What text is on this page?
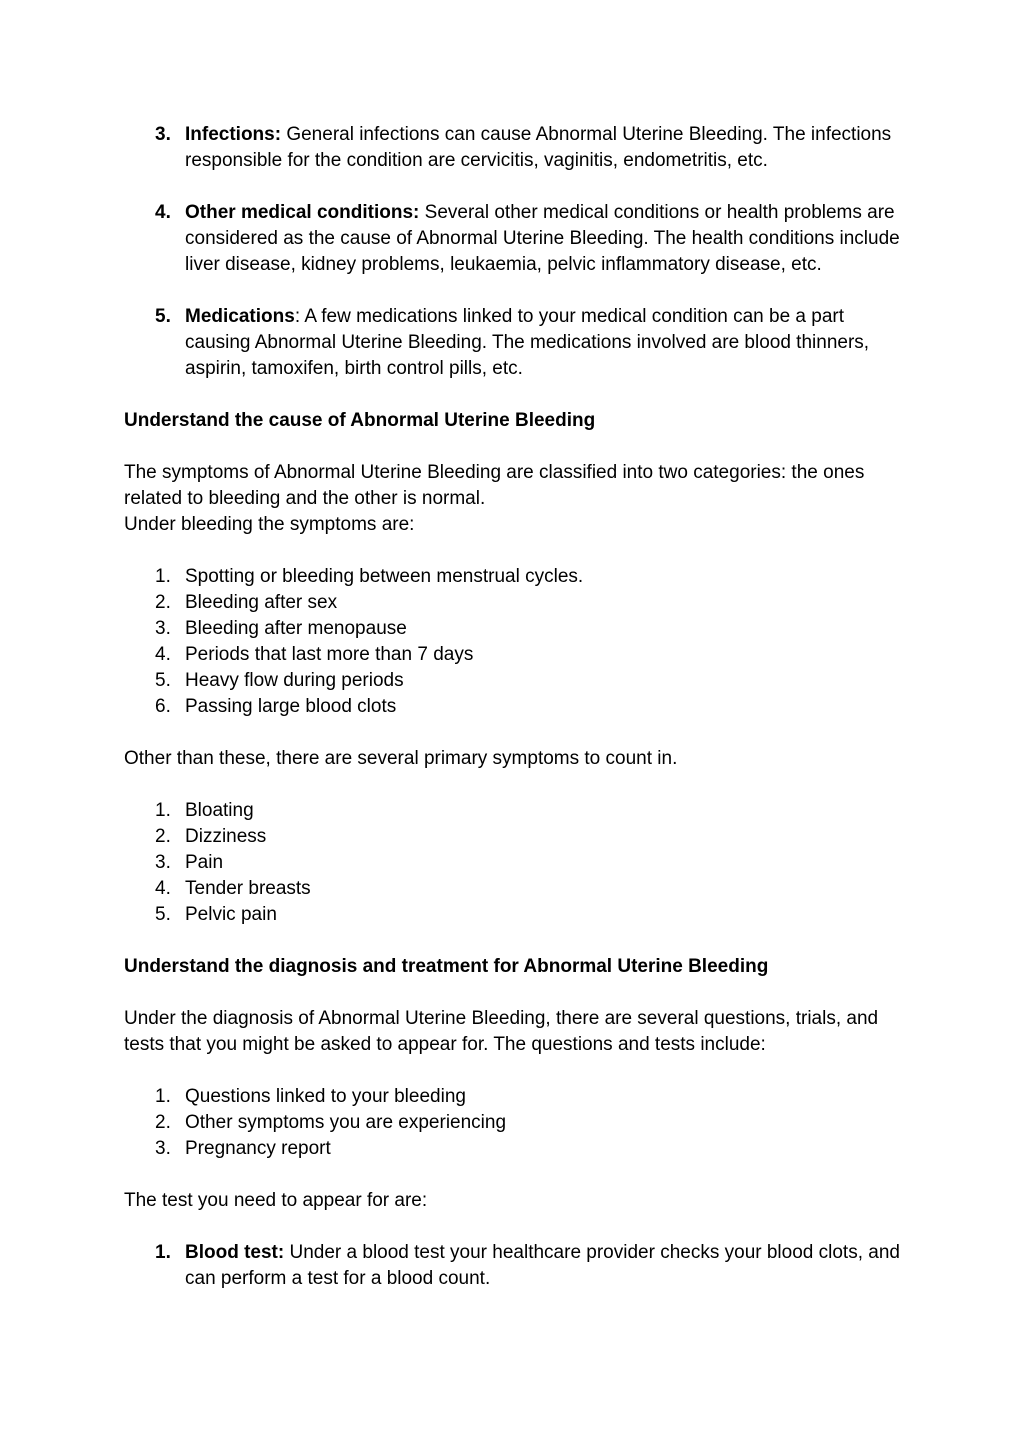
3. Infections: General infections can cause Abnormal Uterine Bleeding. The infections responsible for the condition are cervicitis, vaginitis, endometritis, etc.
4. Other medical conditions: Several other medical conditions or health problems are considered as the cause of Abnormal Uterine Bleeding. The health conditions include liver disease, kidney problems, leukaemia, pelvic inflammatory disease, etc.
5. Medications: A few medications linked to your medical condition can be a part causing Abnormal Uterine Bleeding. The medications involved are blood thinners, aspirin, tamoxifen, birth control pills, etc.

Understand the cause of Abnormal Uterine Bleeding

The symptoms of Abnormal Uterine Bleeding are classified into two categories: the ones related to bleeding and the other is normal.

Under bleeding the symptoms are:

1. Spotting or bleeding between menstrual cycles.
2. Bleeding after sex
3. Bleeding after menopause
4. Periods that last more than 7 days
5. Heavy flow during periods
6. Passing large blood clots

Other than these, there are several primary symptoms to count in.

1. Bloating
2. Dizziness
3. Pain
4. Tender breasts
5. Pelvic pain

Understand the diagnosis and treatment for Abnormal Uterine Bleeding

Under the diagnosis of Abnormal Uterine Bleeding, there are several questions, trials, and tests that you might be asked to appear for. The questions and tests include:

1. Questions linked to your bleeding
2. Other symptoms you are experiencing
3. Pregnancy report

The test you need to appear for are:

1. Blood test: Under a blood test your healthcare provider checks your blood clots, and can perform a test for a blood count.
